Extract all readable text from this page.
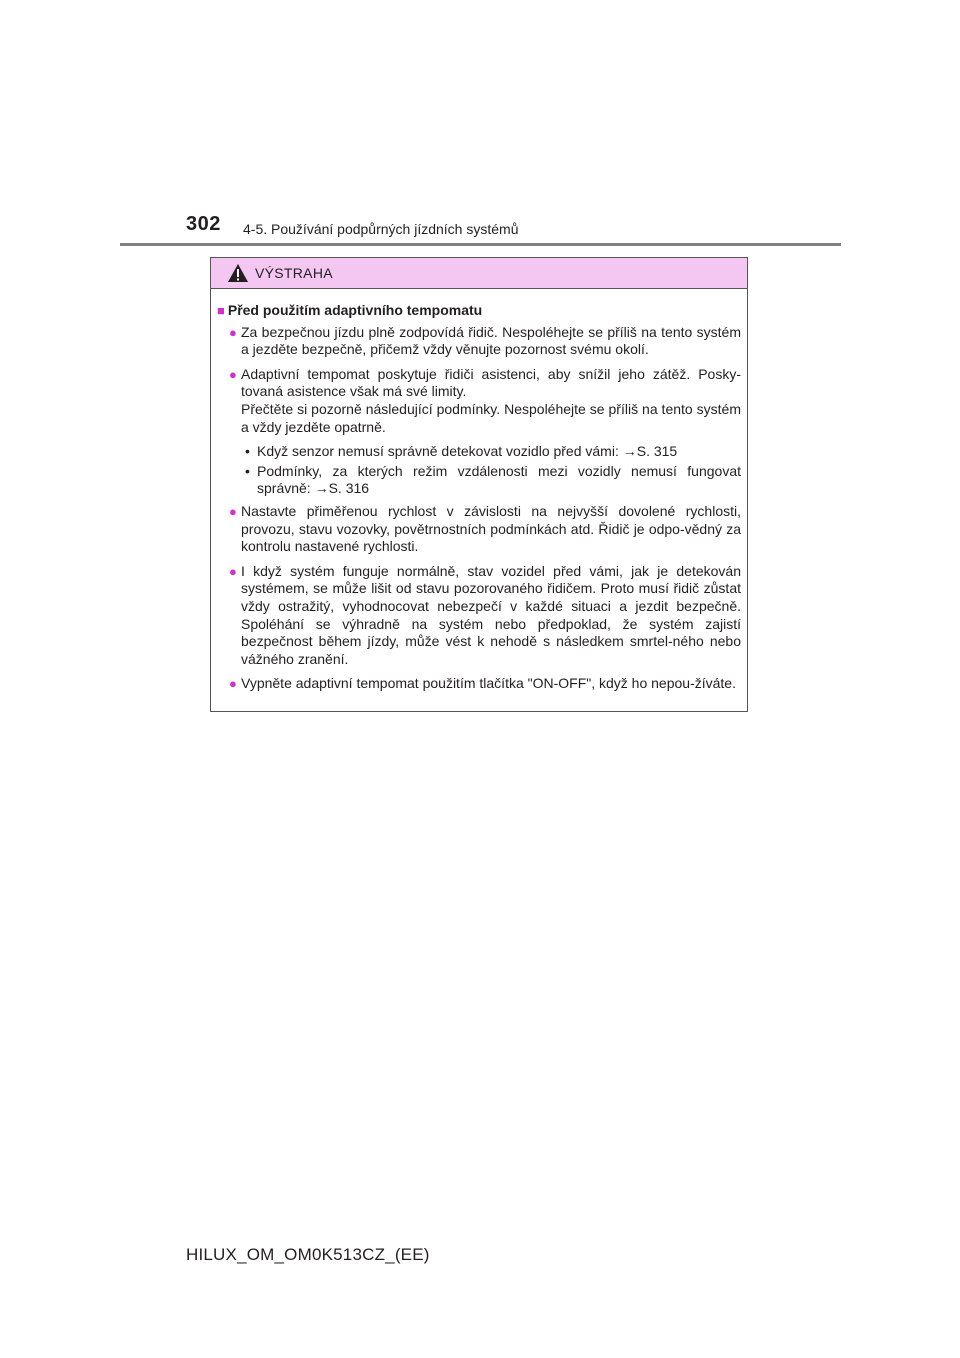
302 4-5. Používání podpůrných jízdních systémů
VÝSTRAHA
■ Před použitím adaptivního tempomatu
● Za bezpečnou jízdu plně zodpovídá řidič. Nespoléhejte se příliš na tento systém a jezděte bezpečně, přičemž vždy věnujte pozornost svému okolí.

● Adaptivní tempomat poskytuje řidiči asistenci, aby snížil jeho zátěž. Posky-tovaná asistence však má své limity.

Přečtěte si pozorně následující podmínky. Nespoléhejte se příliš na tento systém a vždy jezděte opatrně.

• Když senzor nemusí správně detekovat vozidlo před vámi: →S. 315
• Podmínky, za kterých režim vzdálenosti mezi vozidly nemusí fungovat správně: →S. 316
● Nastavte přiměřenou rychlost v závislosti na nejvyšší dovolené rychlosti, provozu, stavu vozovky, povětrnostních podmínkách atd. Řidič je odpo-vědný za kontrolu nastavené rychlosti.

● I když systém funguje normálně, stav vozidel před vámi, jak je detekován systémem, se může lišit od stavu pozorovaného řidičem. Proto musí řidič zůstat vždy ostražitý, vyhodnocovat nebezpečí v každé situaci a jezdit bezpečně. Spoléhání se výhradně na systém nebo předpoklad, že systém zajistí bezpečnost během jízdy, může vést k nehodě s následkem smrtel-ného nebo vážného zranění.

● Vypněte adaptivní tempomat použitím tlačítka "ON-OFF", když ho nepou-žíváte.

HILUX_OM_OM0K513CZ_(EE)
